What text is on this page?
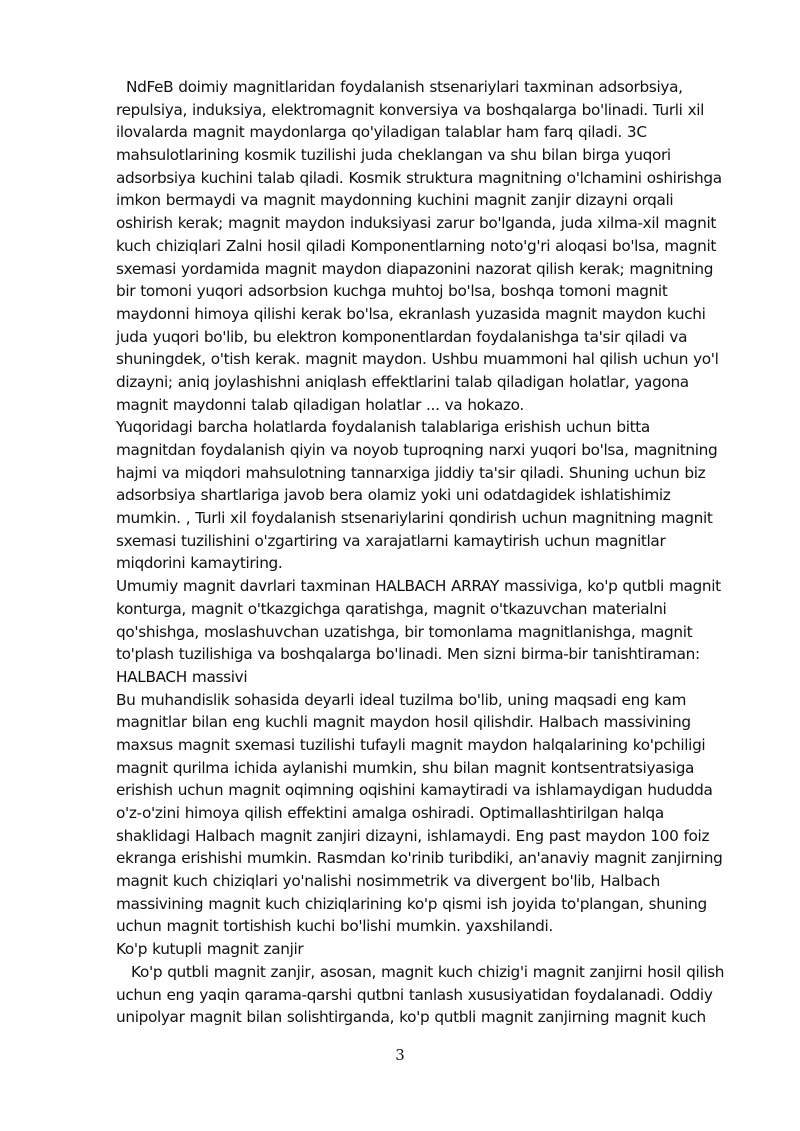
NdFeB doimiy magnitlaridan foydalanish stsenariylari taxminan adsorbsiya,
repulsiya, induksiya, elektromagnit konversiya va boshqalarga bo'linadi. Turli xil
ilovalarda magnit maydonlarga qo'yiladigan talablar ham farq qiladi. 3C
mahsulotlarining kosmik tuzilishi juda cheklangan va shu bilan birga yuqori
adsorbsiya kuchini talab qiladi. Kosmik struktura magnitning o'lchamini oshirishga
imkon bermaydi va magnit maydonning kuchini magnit zanjir dizayni orqali
oshirish kerak; magnit maydon induksiyasi zarur bo'lganda, juda xilma-xil magnit
kuch chiziqlari Zalni hosil qiladi Komponentlarning noto'g'ri aloqasi bo'lsa, magnit
sxemasi yordamida magnit maydon diapazonini nazorat qilish kerak; magnitning
bir tomoni yuqori adsorbsion kuchga muhtoj bo'lsa, boshqa tomoni magnit
maydonni himoya qilishi kerak bo'lsa, ekranlash yuzasida magnit maydon kuchi
juda yuqori bo'lib, bu elektron komponentlardan foydalanishga ta'sir qiladi va
shuningdek, o'tish kerak. magnit maydon. Ushbu muammoni hal qilish uchun yo'l
dizayni; aniq joylashishni aniqlash effektlarini talab qiladigan holatlar, yagona
magnit maydonni talab qiladigan holatlar ... va hokazo.
Yuqoridagi barcha holatlarda foydalanish talablariga erishish uchun bitta
magnitdan foydalanish qiyin va noyob tuproqning narxi yuqori bo'lsa, magnitning
hajmi va miqdori mahsulotning tannarxiga jiddiy ta'sir qiladi. Shuning uchun biz
adsorbsiya shartlariga javob bera olamiz yoki uni odatdagidek ishlatishimiz
mumkin. , Turli xil foydalanish stsenariylarini qondirish uchun magnitning magnit
sxemasi tuzilishini o'zgartiring va xarajatlarni kamaytirish uchun magnitlar
miqdorini kamaytiring.
Umumiy magnit davrlari taxminan HALBACH ARRAY massiviga, ko'p qutbli magnit
konturga, magnit o'tkazgichga qaratishga, magnit o'tkazuvchan materialni
qo'shishga, moslashuvchan uzatishga, bir tomonlama magnitlanishga, magnit
to'plash tuzilishiga va boshqalarga bo'linadi. Men sizni birma-bir tanishtiraman:
HALBACH massivi
Bu muhandislik sohasida deyarli ideal tuzilma bo'lib, uning maqsadi eng kam
magnitlar bilan eng kuchli magnit maydon hosil qilishdir. Halbach massivining
maxsus magnit sxemasi tuzilishi tufayli magnit maydon halqalarining ko'pchiligi
magnit qurilma ichida aylanishi mumkin, shu bilan magnit kontsentratsiyasiga
erishish uchun magnit oqimning oqishini kamaytiradi va ishlamaydigan hududda
o'z-o'zini himoya qilish effektini amalga oshiradi. Optimallashtirilgan halqa
shaklidagi Halbach magnit zanjiri dizayni, ishlamaydi. Eng past maydon 100 foiz
ekranga erishishi mumkin. Rasmdan ko'rinib turibdiki, an'anaviy magnit zanjirning
magnit kuch chiziqlari yo'nalishi nosimmetrik va divergent bo'lib, Halbach
massivining magnit kuch chiziqlarining ko'p qismi ish joyida to'plangan, shuning
uchun magnit tortishish kuchi bo'lishi mumkin. yaxshilandi.
Ko'p kutupli magnit zanjir
Ko'p qutbli magnit zanjir, asosan, magnit kuch chizig'i magnit zanjirni hosil qilish
uchun eng yaqin qarama-qarshi qutbni tanlash xususiyatidan foydalanadi. Oddiy
unipolyar magnit bilan solishtirganda, ko'p qutbli magnit zanjirning magnit kuch
3
